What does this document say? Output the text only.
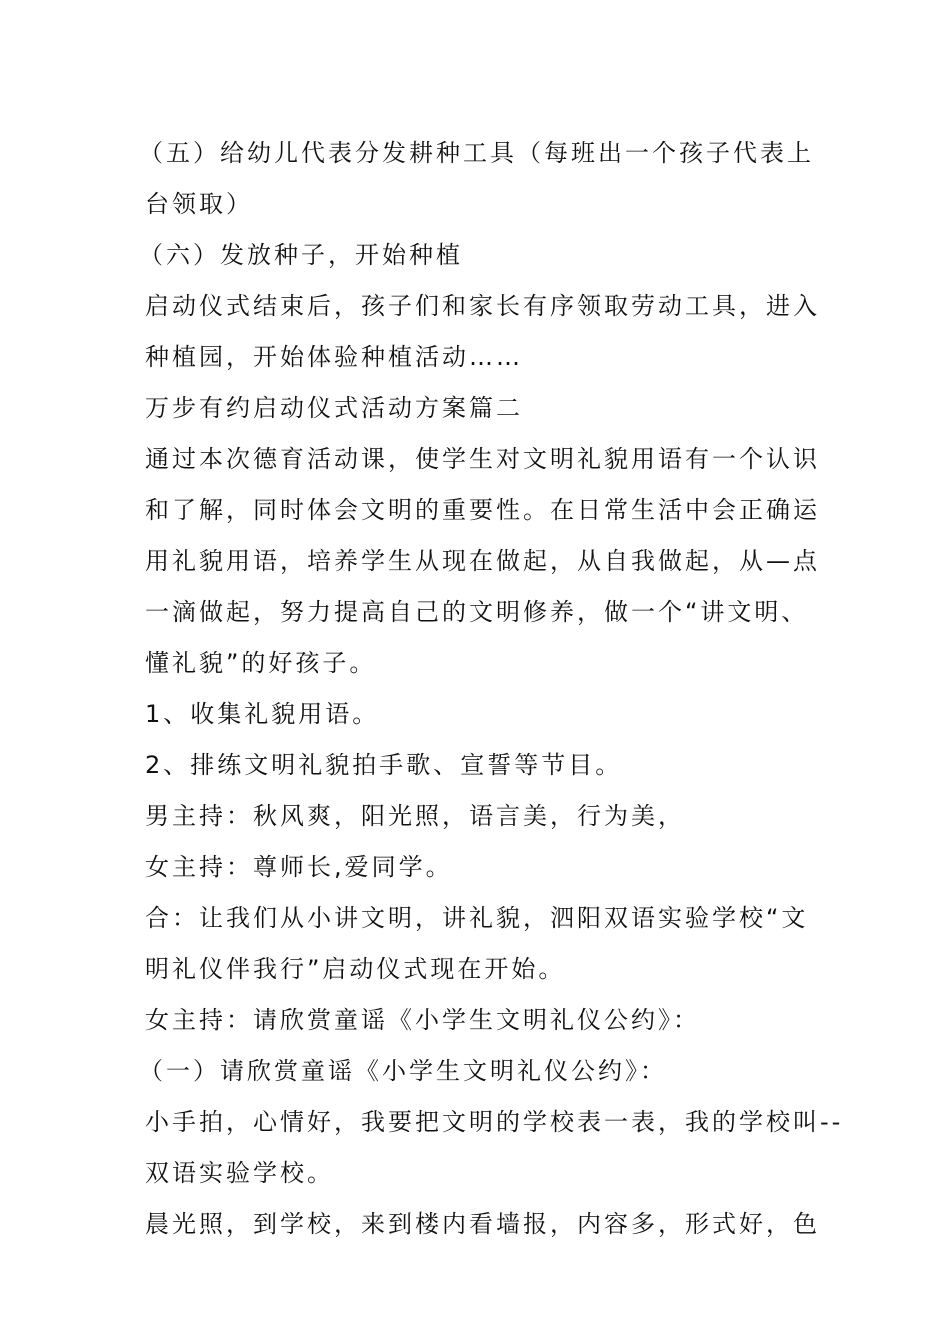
（五）给幼儿代表分发耕种工具（每班出一个孩子代表上
台领取）
（六）发放种子，开始种植
启动仪式结束后，孩子们和家长有序领取劳动工具，进入
种植园，开始体验种植活动……
万步有约启动仪式活动方案篇二
通过本次德育活动课，使学生对文明礼貌用语有一个认识
和了解，同时体会文明的重要性。在日常生活中会正确运
用礼貌用语，培养学生从现在做起，从自我做起，从—点
一滴做起，努力提高自己的文明修养，做一个“讲文明、
懂礼貌”的好孩子。
1、收集礼貌用语。
2、排练文明礼貌拍手歌、宣誓等节目。
男主持：秋风爽，阳光照，语言美，行为美，
女主持：尊师长,爱同学。
合：让我们从小讲文明，讲礼貌，泗阳双语实验学校“文
明礼仪伴我行”启动仪式现在开始。
女主持：请欣赏童谣《小学生文明礼仪公约》：
（一）请欣赏童谣《小学生文明礼仪公约》：
小手拍，心情好，我要把文明的学校表一表，我的学校叫--
双语实验学校。
晨光照，到学校，来到楼内看墙报，内容多，形式好，色
